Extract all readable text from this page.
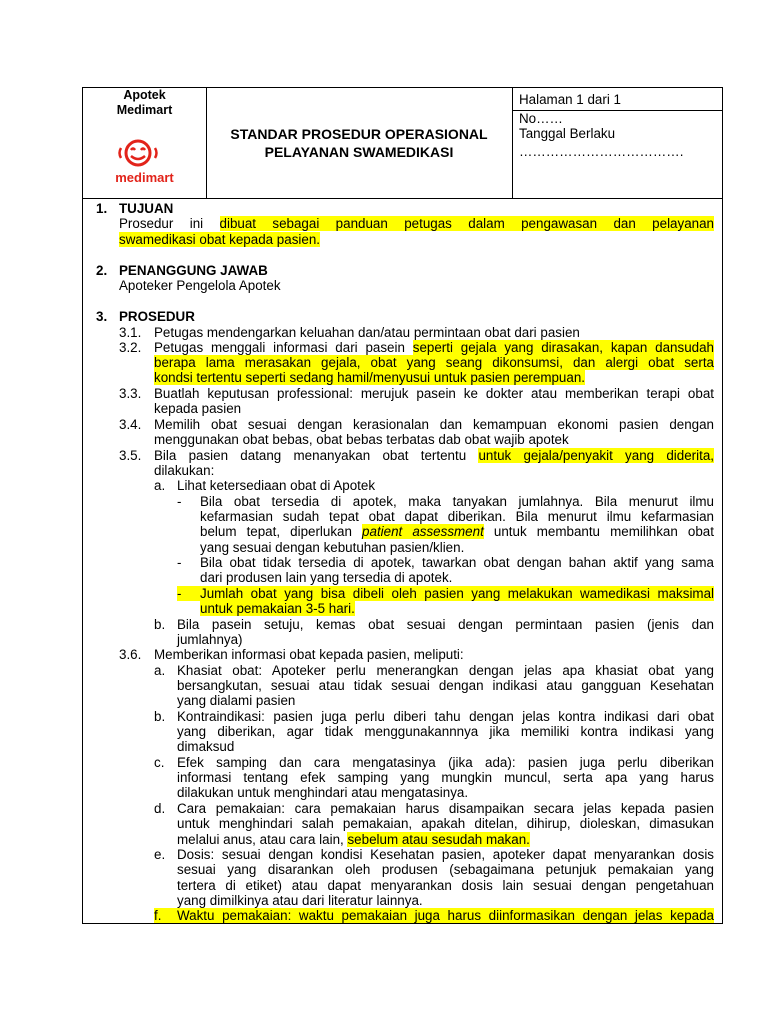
Apotek
Medimart
medimart
STANDAR PROSEDUR OPERASIONAL
PELAYANAN SWAMEDIKASI
Halaman 1 dari 1
No……
Tanggal Berlaku
……………………………….
1. TUJUAN
Prosedur ini dibuat sebagai panduan petugas dalam pengawasan dan pelayanan
swamedikasi obat kepada pasien.
2. PENANGGUNG JAWAB
Apoteker Pengelola Apotek
3. PROSEDUR
3.1. Petugas mendengarkan keluahan dan/atau permintaan obat dari pasien
3.2. Petugas menggali informasi dari pasein seperti gejala yang dirasakan, kapan dansudah
berapa lama merasakan gejala, obat yang seang dikonsumsi, dan alergi obat serta
kondsi tertentu seperti sedang hamil/menyusui untuk pasien perempuan.
3.3. Buatlah keputusan professional: merujuk pasein ke dokter atau memberikan terapi obat
kepada pasien
3.4. Memilih obat sesuai dengan kerasionalan dan kemampuan ekonomi pasien dengan
menggunakan obat bebas, obat bebas terbatas dab obat wajib apotek
3.5. Bila pasien datang menanyakan obat tertentu untuk gejala/penyakit yang diderita,
dilakukan:
a. Lihat ketersediaan obat di Apotek
- Bila obat tersedia di apotek, maka tanyakan jumlahnya. Bila menurut ilmu
kefarmasian sudah tepat obat dapat diberikan. Bila menurut ilmu kefarmasian
belum tepat, diperlukan patient assessment untuk membantu memilihkan obat
yang sesuai dengan kebutuhan pasien/klien.
- Bila obat tidak tersedia di apotek, tawarkan obat dengan bahan aktif yang sama
dari produsen lain yang tersedia di apotek.
-	Jumlah obat yang bisa dibeli oleh pasien yang melakukan wamedikasi maksimal
untuk pemakaian 3-5 hari.
b. Bila pasein setuju, kemas obat sesuai dengan permintaan pasien (jenis dan
jumlahnya)
3.6. Memberikan informasi obat kepada pasien, meliputi:
a. Khasiat obat: Apoteker perlu menerangkan dengan jelas apa khasiat obat yang
bersangkutan, sesuai atau tidak sesuai dengan indikasi atau gangguan Kesehatan
yang dialami pasien
b. Kontraindikasi: pasien juga perlu diberi tahu dengan jelas kontra indikasi dari obat
yang diberikan, agar tidak menggunakannnya jika memiliki kontra indikasi yang
dimaksud
c. Efek samping dan cara mengatasinya (jika ada): pasien juga perlu diberikan
informasi tentang efek samping yang mungkin muncul, serta apa yang harus
dilakukan untuk menghindari atau mengatasinya.
d. Cara pemakaian: cara pemakaian harus disampaikan secara jelas kepada pasien
untuk menghindari salah pemakaian, apakah ditelan, dihirup, dioleskan, dimasukan
melalui anus, atau cara lain, sebelum atau sesudah makan.
e. Dosis: sesuai dengan kondisi Kesehatan pasien, apoteker dapat menyarankan dosis
sesuai yang disarankan oleh produsen (sebagaimana petunjuk pemakaian yang
tertera di etiket) atau dapat menyarankan dosis lain sesuai dengan pengetahuan
yang dimilkinya atau dari literatur lainnya.
f.	Waktu pemakaian: waktu pemakaian juga harus diinformasikan dengan jelas kepada
